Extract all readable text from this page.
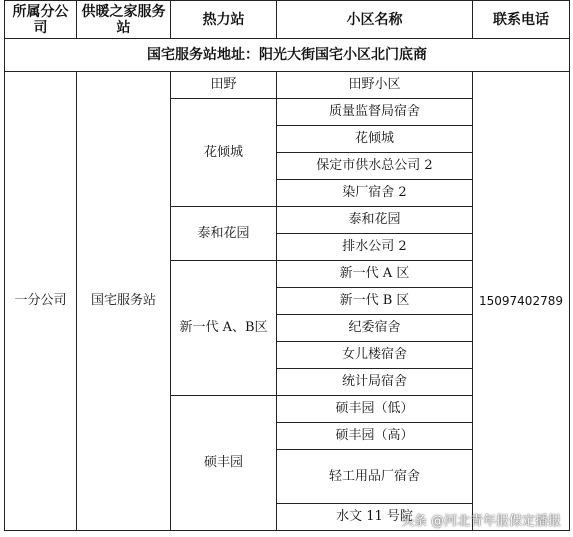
所属分公司	供暖之家服务站	热力站	小区名称	联系电话
国宅服务站地址：阳光大街国宅小区北门底商				
一分公司	国宅服务站	田野	田野小区	15097402789
		花倾城	质量监督局宿舍	
			花倾城	
			保定市供水总公司 2	
			染厂宿舍 2	
		泰和花园	泰和花园	
			排水公司 2	
		新一代 A、B区	新一代 A 区	
			新一代 B 区	
			纪委宿舍	
			女儿楼宿舍	
			统计局宿舍	
		硕丰园	硕丰园（低）	
			硕丰园（高）	
			轻工用品厂宿舍	
			水文 11 号院	
头条 @河北青年报保定播报
